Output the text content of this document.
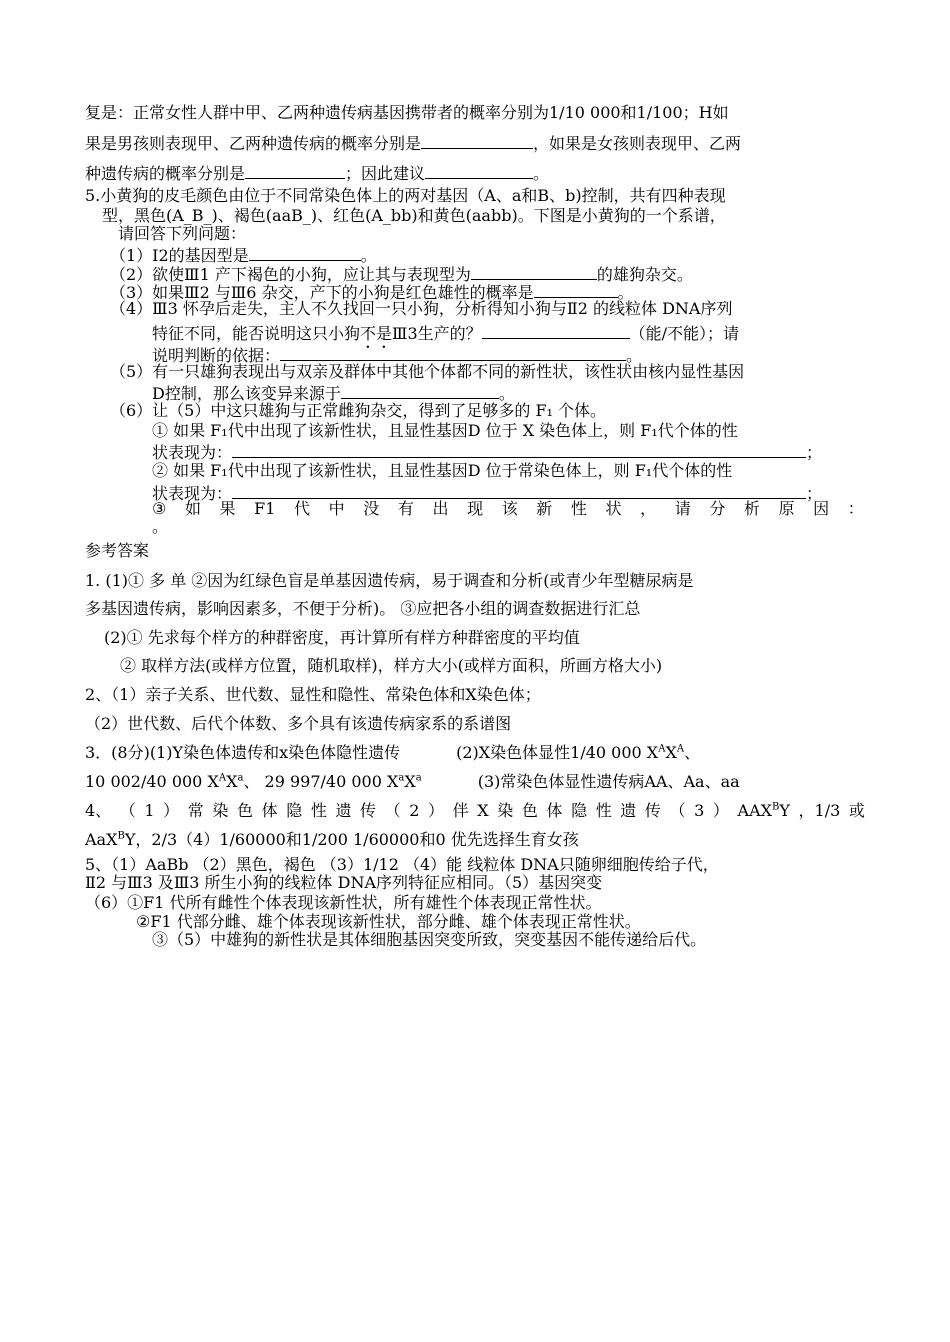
复是：正常女性人群中甲、乙两种遗传病基因携带者的概率分别为1/10 000和1/100；H如
果是男孩则表现甲、乙两种遗传病的概率分别是	，如果是女孩则表现甲、乙两
种遗传病的概率分别是	；因此建议	。
5.小黄狗的皮毛颜色由位于不同常染色体上的两对基因（A、a和B、b)控制，共有四种表现
型，黑色(A_B_)、褐色(aaB_)、红色(A_bb)和黄色(aabb)。下图是小黄狗的一个系谱，
请回答下列问题：
（1）Ⅰ2的基因型是	。
（2）欲使Ⅲ1 产下褐色的小狗，应让其与表现型为	的雄狗杂交。
（3）如果Ⅲ2 与Ⅲ6 杂交，产下的小狗是红色雄性的概率是	。
（4）Ⅲ3 怀孕后走失，主人不久找回一只小狗，分析得知小狗与Ⅱ2 的线粒体 DNA序列
特征不同，能否说明这只小狗不是Ⅲ3生产的？	（能/不能）；请
说明判断的依据：	。
（5）有一只雄狗表现出与双亲及群体中其他个体都不同的新性状，该性状由核内显性基因
D控制，那么该变异来源于	。
（6）让（5）中这只雄狗与正常雌狗杂交，得到了足够多的 F₁ 个体。
① 如果 F₁代中出现了该新性状，且显性基因D 位于 X 染色体上，则 F₁代个体的性
状表现为：	；
② 如果 F₁代中出现了该新性状，且显性基因D 位于常染色体上，则 F₁代个体的性
状表现为：	；
③ 如 果 F1 代 中 没 有 出 现 该 新 性 状 ， 请 分 析 原 因 ：
。
参考答案
1. (1)① 多 单 ②因为红绿色盲是单基因遗传病，易于调查和分析(或青少年型糖尿病是
多基因遗传病，影响因素多，不便于分析)。 ③应把各小组的调查数据进行汇总
(2)① 先求每个样方的种群密度，再计算所有样方种群密度的平均值
② 取样方法(或样方位置，随机取样)，样方大小(或样方面积，所画方格大小)
2、（1）亲子关系、世代数、显性和隐性、常染色体和X染色体；
（2）世代数、后代个体数、多个具有该遗传病家系的系谱图
3．(8分)(1)Y染色体遗传和x染色体隐性遗传	(2)X染色体显性1/40 000 $X^AX^A$、
10 002/40 000 $X^AX^a$、 29 997/40 000 $X^aX^a$	(3)常染色体显性遗传病AA、Aa、aa
4、 （ 1 ） 常 染 色 体 隐 性 遗 传 （ 2 ） 伴 X 染 色 体 隐 性 遗 传 （ 3 ） $AAX^BY$ ，1/3 或
AaX$^B$Y，2/3（4）1/60000和1/200 1/60000和0 优先选择生育女孩
5、（1）AaBb （2）黑色，褐色 （3）1/12 （4）能 线粒体 DNA只随卵细胞传给子代，
Ⅱ2 与Ⅲ3 及Ⅲ3 所生小狗的线粒体 DNA序列特征应相同。（5）基因突变
（6）①F1 代所有雌性个体表现该新性状，所有雄性个体表现正常性状。
②F1 代部分雌、雄个体表现该新性状，部分雌、雄个体表现正常性状。
③（5）中雄狗的新性状是其体细胞基因突变所致，突变基因不能传递给后代。
